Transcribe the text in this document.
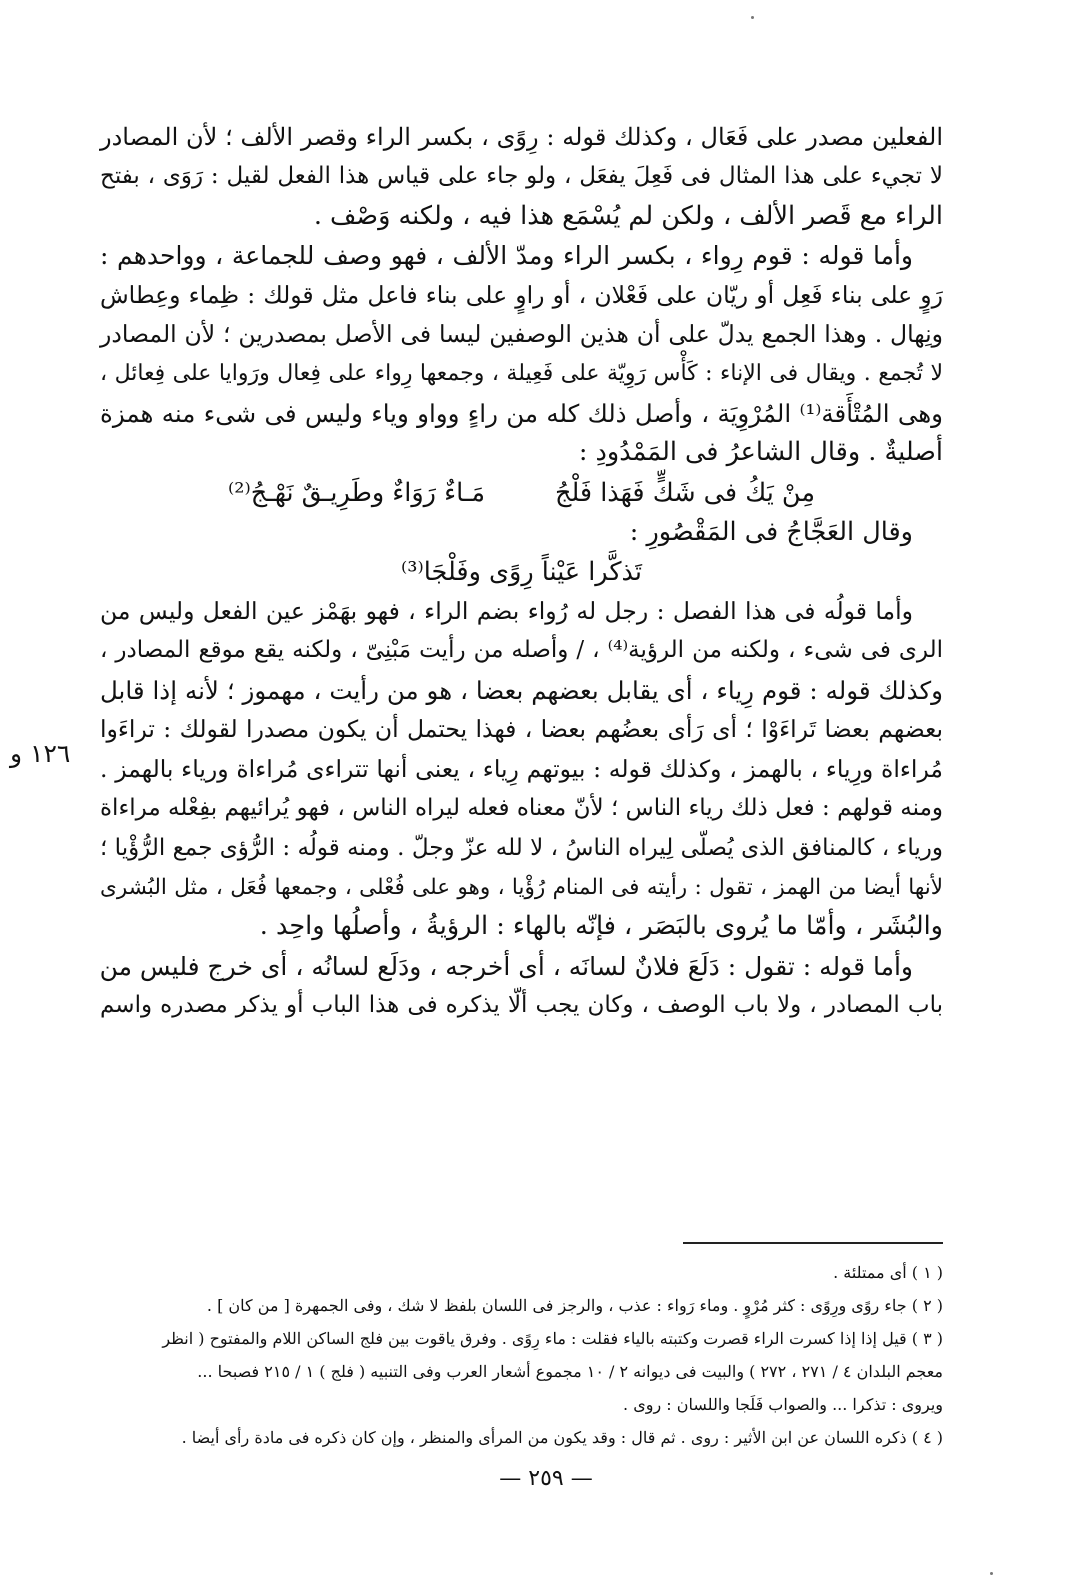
الفعلين مصدر على فَعَال ، وكذلك قوله : رِوًى ، بكسر الراء وقصر الألف ؛ لأن المصادر
لا تجيء على هذا المثال فى فَعِلَ يفعَل ، ولو جاء على قياس هذا الفعل لقيل : رَوَى ، بفتح
الراء مع قَصر الألف ، ولكن لم يُسْمَع هذا فيه ، ولكنه وَصْف .

وأما قوله : قوم رِواء ، بكسر الراء ومدّ الألف ، فهو وصف للجماعة ، وواحدهم :
رَوٍ على بناء فَعِل أو ريّان على فَعْلان ، أو راوٍ على بناء فاعل مثل قولك : ظِماء وعِطاش
ونِهال . وهذا الجمع يدلّ على أن هذين الوصفين ليسا فى الأصل بمصدرين ؛ لأن المصادر
لا تُجمع . ويقال فى الإناء : كَأْس رَوِيّة على فَعِيلة ، وجمعها رِواء على فِعال ورَوايا على فِعائل ،
وهى المُتْأَقة⁽¹⁾ المُرْوِيَة ، وأصل ذلك كله من راءٍ وواو وياء وليس فى شىء منه همزة
أصليةٌ . وقال الشاعرُ فى المَمْدُودِ :

مِنْ يَكُ فى شَكٍّ فَهَذا فَلْجُ
مَـاءٌ رَوَاءٌ وطَرِيـقٌ نَهْـجُ⁽²⁾

وقال العَجَّاجُ فى المَقْصُورِ :

تَذكَّرا عَيْناً رِوًى وفَلْجَا⁽³⁾

وأما قولُه فى هذا الفصل : رجل له رُواء بضم الراء ، فهو بهَمْز عين الفعل وليس من
الرى فى شىء ، ولكنه من الرؤية⁽⁴⁾ ، / وأصله من رأيت مَبْنِىّ ، ولكنه يقع موقع المصادر ،
وكذلك قوله : قوم رِياء ، أى يقابل بعضهم بعضا ، هو من رأيت ، مهموز ؛ لأنه إذا قابل
بعضهم بعضا تَراءَوْا ؛ أى رَأى بعضُهم بعضا ، فهذا يحتمل أن يكون مصدرا لقولك : تراءَوا
مُراءاة ورِياء ، بالهمز ، وكذلك قوله : بيوتهم رِياء ، يعنى أنها تتراءى مُراءاة ورياء بالهمز .
ومنه قولهم : فعل ذلك رياء الناس ؛ لأنّ معناه فعله ليراه الناس ، فهو يُرائيهم بفِعْله مراءاة
ورياء ، كالمنافق الذى يُصلّى لِيراه الناسُ ، لا لله عزّ وجلّ . ومنه قولُه : الرُّؤى جمع الرُّؤْيا ؛
لأنها أيضا من الهمز ، تقول : رأيته فى المنام رُؤْيا ، وهو على فُعْلى ، وجمعها فُعَل ، مثل البُشرى
والبُشَر ، وأمّا ما يُروى بالبَصَر ، فإنّه بالهاء : الرؤيةُ ، وأصلُها واحِد .

وأما قوله : تقول : دَلَعَ فلانٌ لسانَه ، أى أخرجه ، ودَلَع لسانُه ، أى خرج فليس من
باب المصادر ، ولا باب الوصف ، وكان يجب ألّا يذكره فى هذا الباب أو يذكر مصدره واسم

١٢٦ و
( ١ ) أى ممتلئة .
( ٢ ) جاء روًى ورِوًى : كثر مُرْوٍ . وماء رَواء : عذب ، والرجز فى اللسان بلفظ لا شك ، وفى الجمهرة [ من كان ] .
( ٣ ) قيل إذا إذا كسرت الراء قصرت وكتبته بالياء فقلت : ماء رِوًى . وفرق ياقوت بين فلج الساكن اللام والمفتوح ( انظر
معجم البلدان ٤ / ٢٧١ ، ٢٧٢ ) والبيت فى ديوانه ٢ / ١٠ مجموع أشعار العرب وفى التنبيه ( فلج ) ١ / ٢١٥ فصبحا ...
ويروى : تذكرا ... والصواب فَلَجا واللسان : روى .
( ٤ ) ذكره اللسان عن ابن الأثير : روى . ثم قال : وقد يكون من المرأى والمنظر ، وإن كان ذكره فى مادة رأى أيضا .
— ٢٥٩ —
